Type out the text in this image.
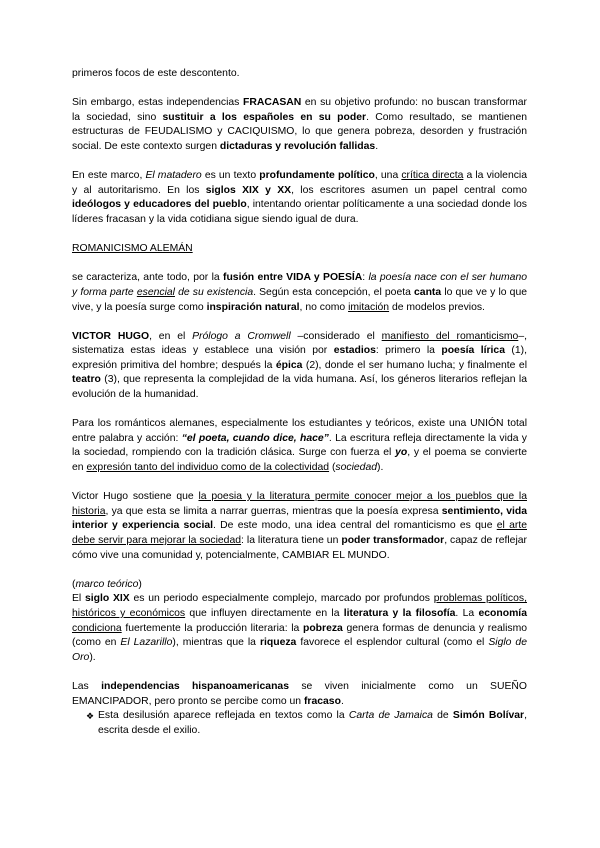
primeros focos de este descontento.

Sin embargo, estas independencias FRACASAN en su objetivo profundo: no buscan transformar la sociedad, sino sustituir a los españoles en su poder. Como resultado, se mantienen estructuras de FEUDALISMO y CACIQUISMO, lo que genera pobreza, desorden y frustración social. De este contexto surgen dictaduras y revolución fallidas.

En este marco, El matadero es un texto profundamente político, una crítica directa a la violencia y al autoritarismo. En los siglos XIX y XX, los escritores asumen un papel central como ideólogos y educadores del pueblo, intentando orientar políticamente a una sociedad donde los líderes fracasan y la vida cotidiana sigue siendo igual de dura.

ROMANICISMO ALEMÁN

se caracteriza, ante todo, por la fusión entre VIDA y POESÍA: la poesía nace con el ser humano y forma parte esencial de su existencia. Según esta concepción, el poeta canta lo que ve y lo que vive, y la poesía surge como inspiración natural, no como imitación de modelos previos.

VICTOR HUGO, en el Prólogo a Cromwell –considerado el manifiesto del romanticismo–, sistematiza estas ideas y establece una visión por estadios: primero la poesía lírica (1), expresión primitiva del hombre; después la épica (2), donde el ser humano lucha; y finalmente el teatro (3), que representa la complejidad de la vida humana. Así, los géneros literarios reflejan la evolución de la humanidad.

Para los románticos alemanes, especialmente los estudiantes y teóricos, existe una UNIÓN total entre palabra y acción: “el poeta, cuando dice, hace”. La escritura refleja directamente la vida y la sociedad, rompiendo con la tradición clásica. Surge con fuerza el yo, y el poema se convierte en expresión tanto del individuo como de la colectividad (sociedad).

Victor Hugo sostiene que la poesia y la literatura permite conocer mejor a los pueblos que la historia, ya que esta se limita a narrar guerras, mientras que la poesía expresa sentimiento, vida interior y experiencia social. De este modo, una idea central del romanticismo es que el arte debe servir para mejorar la sociedad: la literatura tiene un poder transformador, capaz de reflejar cómo vive una comunidad y, potencialmente, CAMBIAR EL MUNDO.

(marco teórico)
El siglo XIX es un periodo especialmente complejo, marcado por profundos problemas políticos, históricos y económicos que influyen directamente en la literatura y la filosofía. La economía condiciona fuertemente la producción literaria: la pobreza genera formas de denuncia y realismo (como en El Lazarillo), mientras que la riqueza favorece el esplendor cultural (como el Siglo de Oro).

Las independencias hispanoamericanas se viven inicialmente como un SUEÑO EMANCIPADOR, pero pronto se percibe como un fracaso.

❖ Esta desilusión aparece reflejada en textos como la Carta de Jamaica de Simón Bolívar, escrita desde el exilio.
